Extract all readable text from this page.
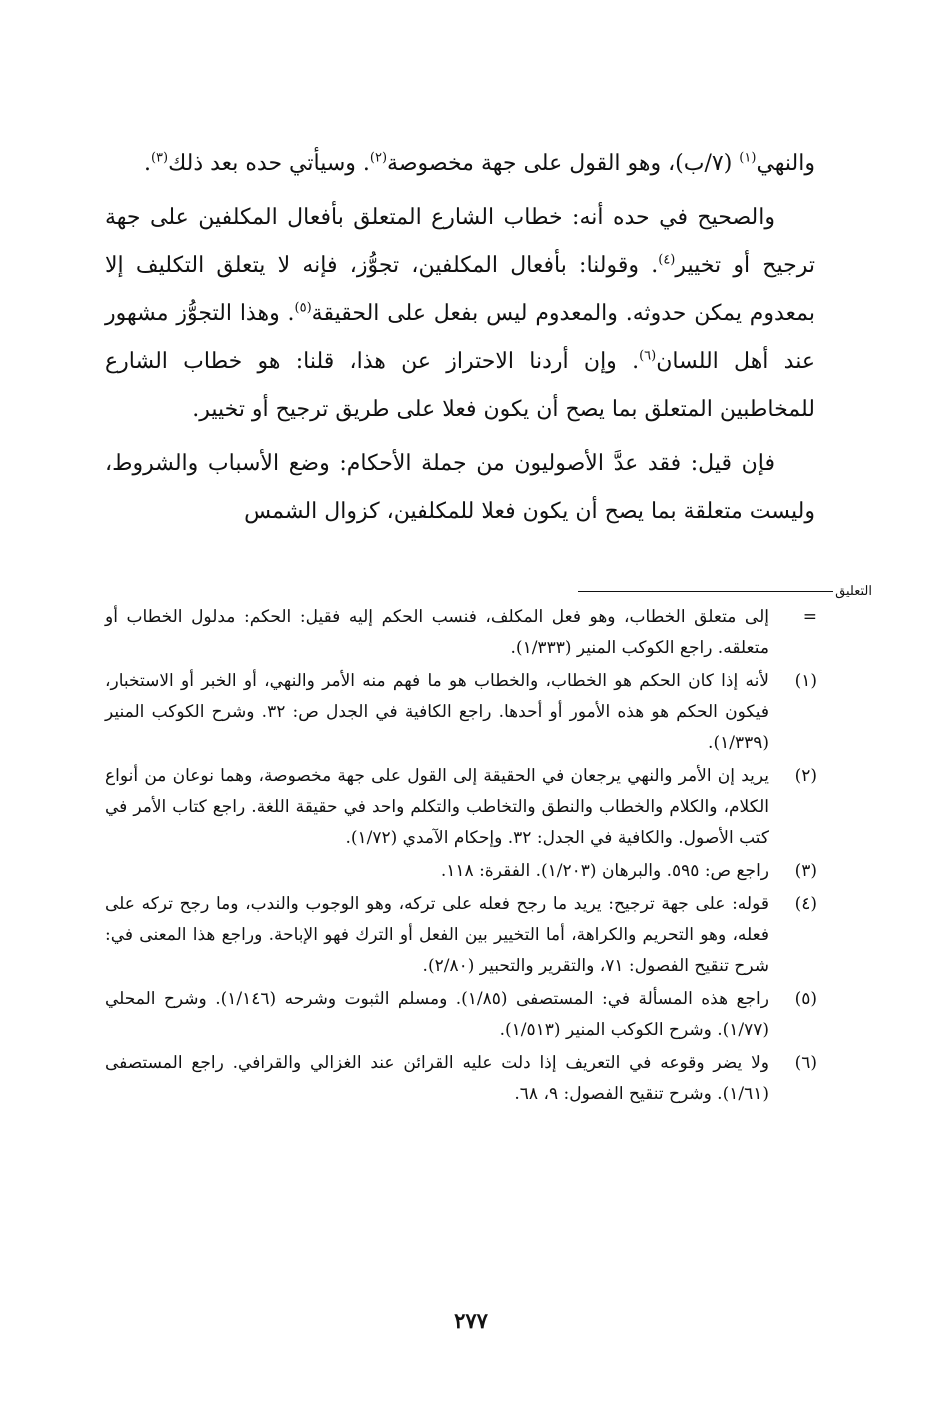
والنهي$^{(١)}$ (٧/ب)، وهو القول على جهة مخصوصة$^{(٢)}$. وسيأتي حده بعد ذلك$^{(٣)}$.

والصحيح في حده أنه: خطاب الشارع المتعلق بأفعال المكلفين على جهة ترجيح أو تخيير$^{(٤)}$. وقولنا: بأفعال المكلفين، تجوُّز، فإنه لا يتعلق التكليف إلا بمعدوم يمكن حدوثه. والمعدوم ليس بفعل على الحقيقة$^{(٥)}$. وهذا التجوُّز مشهور عند أهل اللسان$^{(٦)}$. وإن أردنا الاحتراز عن هذا، قلنا: هو خطاب الشارع للمخاطبين المتعلق بما يصح أن يكون فعلا على طريق ترجيح أو تخيير.

فإن قيل: فقد عدَّ الأصوليون من جملة الأحكام: وضع الأسباب والشروط، وليست متعلقة بما يصح أن يكون فعلا للمكلفين، كزوال الشمس

التعليق
=
إلى متعلق الخطاب، وهو فعل المكلف، فنسب الحكم إليه فقيل: الحكم: مدلول الخطاب أو متعلقه. راجع الكوكب المنير (١/٣٣٣).
(١)
لأنه إذا كان الحكم هو الخطاب، والخطاب هو ما فهم منه الأمر والنهي، أو الخبر أو الاستخبار، فيكون الحكم هو هذه الأمور أو أحدها. راجع الكافية في الجدل ص: ٣٢. وشرح الكوكب المنير (١/٣٣٩).
(٢)
يريد إن الأمر والنهي يرجعان في الحقيقة إلى القول على جهة مخصوصة، وهما نوعان من أنواع الكلام، والكلام والخطاب والنطق والتخاطب والتكلم واحد في حقيقة اللغة. راجع كتاب الأمر في كتب الأصول. والكافية في الجدل: ٣٢. وإحكام الآمدي (١/٧٢).
(٣)
راجع ص: ٥٩٥. والبرهان (١/٢٠٣). الفقرة: ١١٨.
(٤)
قوله: على جهة ترجيح: يريد ما رجح فعله على تركه، وهو الوجوب والندب، وما رجح تركه على فعله، وهو التحريم والكراهة، أما التخيير بين الفعل أو الترك فهو الإباحة. وراجع هذا المعنى في: شرح تنقيح الفصول: ٧١، والتقرير والتحبير (٢/٨٠).
(٥)
راجع هذه المسألة في: المستصفى (١/٨٥). ومسلم الثبوت وشرحه (١/١٤٦). وشرح المحلي (١/٧٧). وشرح الكوكب المنير (١/٥١٣).
(٦)
ولا يضر وقوعه في التعريف إذا دلت عليه القرائن عند الغزالي والقرافي. راجع المستصفى (١/٦١). وشرح تنقيح الفصول: ٩، ٦٨.
٢٧٧
